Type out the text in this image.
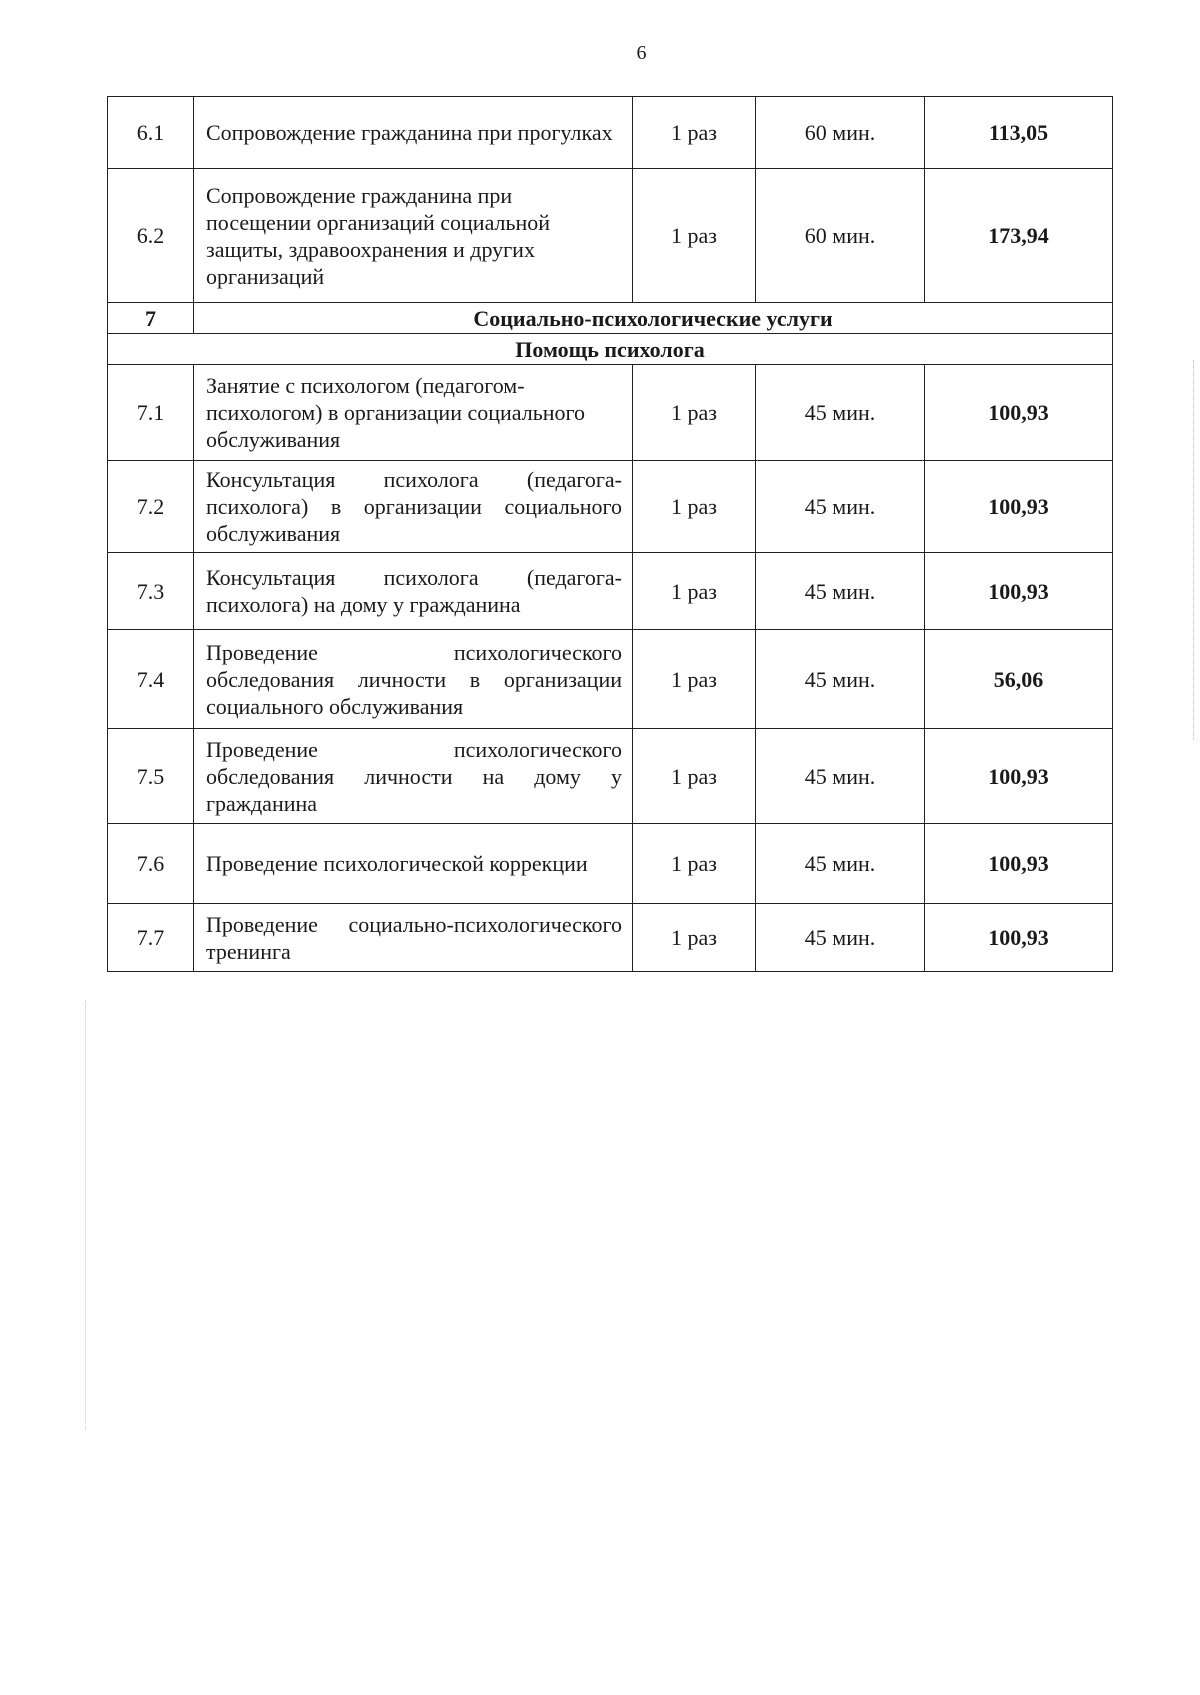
6
6.1	Сопровождение гражданина при прогулках	1 раз	60 мин.	113,05
6.2	Сопровождение гражданина при посещении организаций социальной защиты, здравоохранения и других организаций	1 раз	60 мин.	173,94
7	Социально-психологические услуги			
Помощь психолога				
7.1	Занятие с психологом (педагогом-психологом) в организации социального обслуживания	1 раз	45 мин.	100,93
7.2	Консультация психолога (педагога-психолога) в организации социального обслуживания	1 раз	45 мин.	100,93
7.3	Консультация психолога (педагога-психолога) на дому у гражданина	1 раз	45 мин.	100,93
7.4	Проведение психологического обследования личности в организации социального обслуживания	1 раз	45 мин.	56,06
7.5	Проведение психологического обследования личности на дому у гражданина	1 раз	45 мин.	100,93
7.6	Проведение психологической коррекции	1 раз	45 мин.	100,93
7.7	Проведение социально-психологического тренинга	1 раз	45 мин.	100,93
